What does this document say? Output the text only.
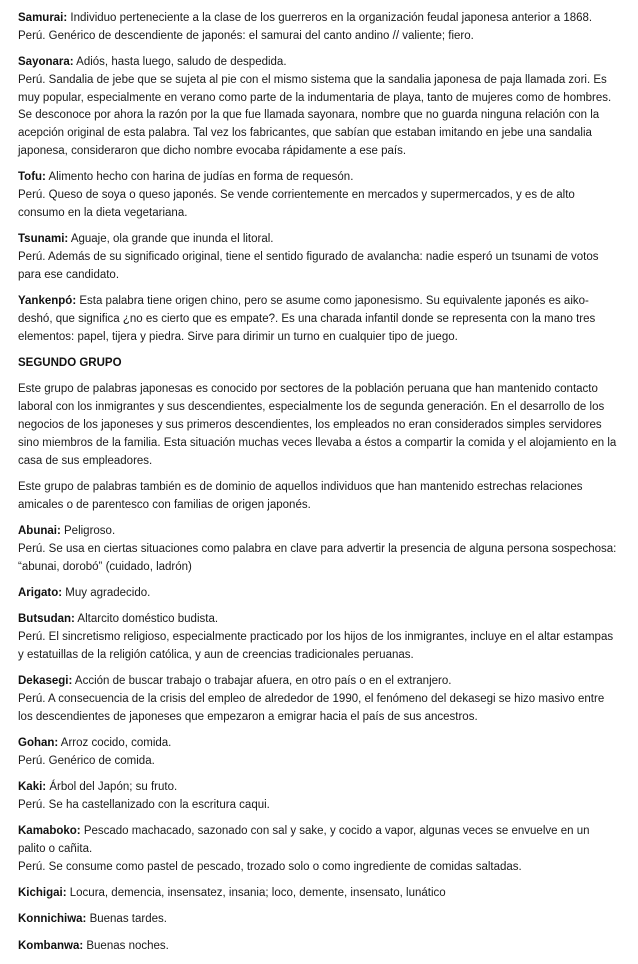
Samurai: Individuo perteneciente a la clase de los guerreros en la organización feudal japonesa anterior a 1868.
Perú. Genérico de descendiente de japonés: el samurai del canto andino // valiente; fiero.
Sayonara: Adiós, hasta luego, saludo de despedida.
Perú. Sandalia de jebe que se sujeta al pie con el mismo sistema que la sandalia japonesa de paja llamada zori. Es muy popular, especialmente en verano como parte de la indumentaria de playa, tanto de mujeres como de hombres. Se desconoce por ahora la razón por la que fue llamada sayonara, nombre que no guarda ninguna relación con la acepción original de esta palabra. Tal vez los fabricantes, que sabían que estaban imitando en jebe una sandalia japonesa, consideraron que dicho nombre evocaba rápidamente a ese país.
Tofu: Alimento hecho con harina de judías en forma de requesón.
Perú. Queso de soya o queso japonés. Se vende corrientemente en mercados y supermercados, y es de alto consumo en la dieta vegetariana.
Tsunami: Aguaje, ola grande que inunda el litoral.
Perú. Además de su significado original, tiene el sentido figurado de avalancha: nadie esperó un tsunami de votos para ese candidato.
Yankenpó: Esta palabra tiene origen chino, pero se asume como japonesismo. Su equivalente japonés es aiko-deshó, que significa ¿no es cierto que es empate?. Es una charada infantil donde se representa con la mano tres elementos: papel, tijera y piedra. Sirve para dirimir un turno en cualquier tipo de juego.
SEGUNDO GRUPO
Este grupo de palabras japonesas es conocido por sectores de la población peruana que han mantenido contacto laboral con los inmigrantes y sus descendientes, especialmente los de segunda generación. En el desarrollo de los negocios de los japoneses y sus primeros descendientes, los empleados no eran considerados simples servidores sino miembros de la familia. Esta situación muchas veces llevaba a éstos a compartir la comida y el alojamiento en la casa de sus empleadores.
Este grupo de palabras también es de dominio de aquellos individuos que han mantenido estrechas relaciones amicales o de parentesco con familias de origen japonés.
Abunai: Peligroso.
Perú. Se usa en ciertas situaciones como palabra en clave para advertir la presencia de alguna persona sospechosa: “abunai, dorobó” (cuidado, ladrón)
Arigato: Muy agradecido.
Butsudan: Altarcito doméstico budista.
Perú. El sincretismo religioso, especialmente practicado por los hijos de los inmigrantes, incluye en el altar estampas y estatuillas de la religión católica, y aun de creencias tradicionales peruanas.
Dekasegi: Acción de buscar trabajo o trabajar afuera, en otro país o en el extranjero.
Perú. A consecuencia de la crisis del empleo de alrededor de 1990, el fenómeno del dekasegi se hizo masivo entre los descendientes de japoneses que empezaron a emigrar hacia el país de sus ancestros.
Gohan: Arroz cocido, comida.
Perú. Genérico de comida.
Kaki: Árbol del Japón; su fruto.
Perú. Se ha castellanizado con la escritura caqui.
Kamaboko: Pescado machacado, sazonado con sal y sake, y cocido a vapor, algunas veces se envuelve en un palito o cañita.
Perú. Se consume como pastel de pescado, trozado solo o como ingrediente de comidas saltadas.
Kichigai: Locura, demencia, insensatez, insania; loco, demente, insensato, lunático
Konnichiwa: Buenas tardes.
Kombanwa: Buenas noches.
